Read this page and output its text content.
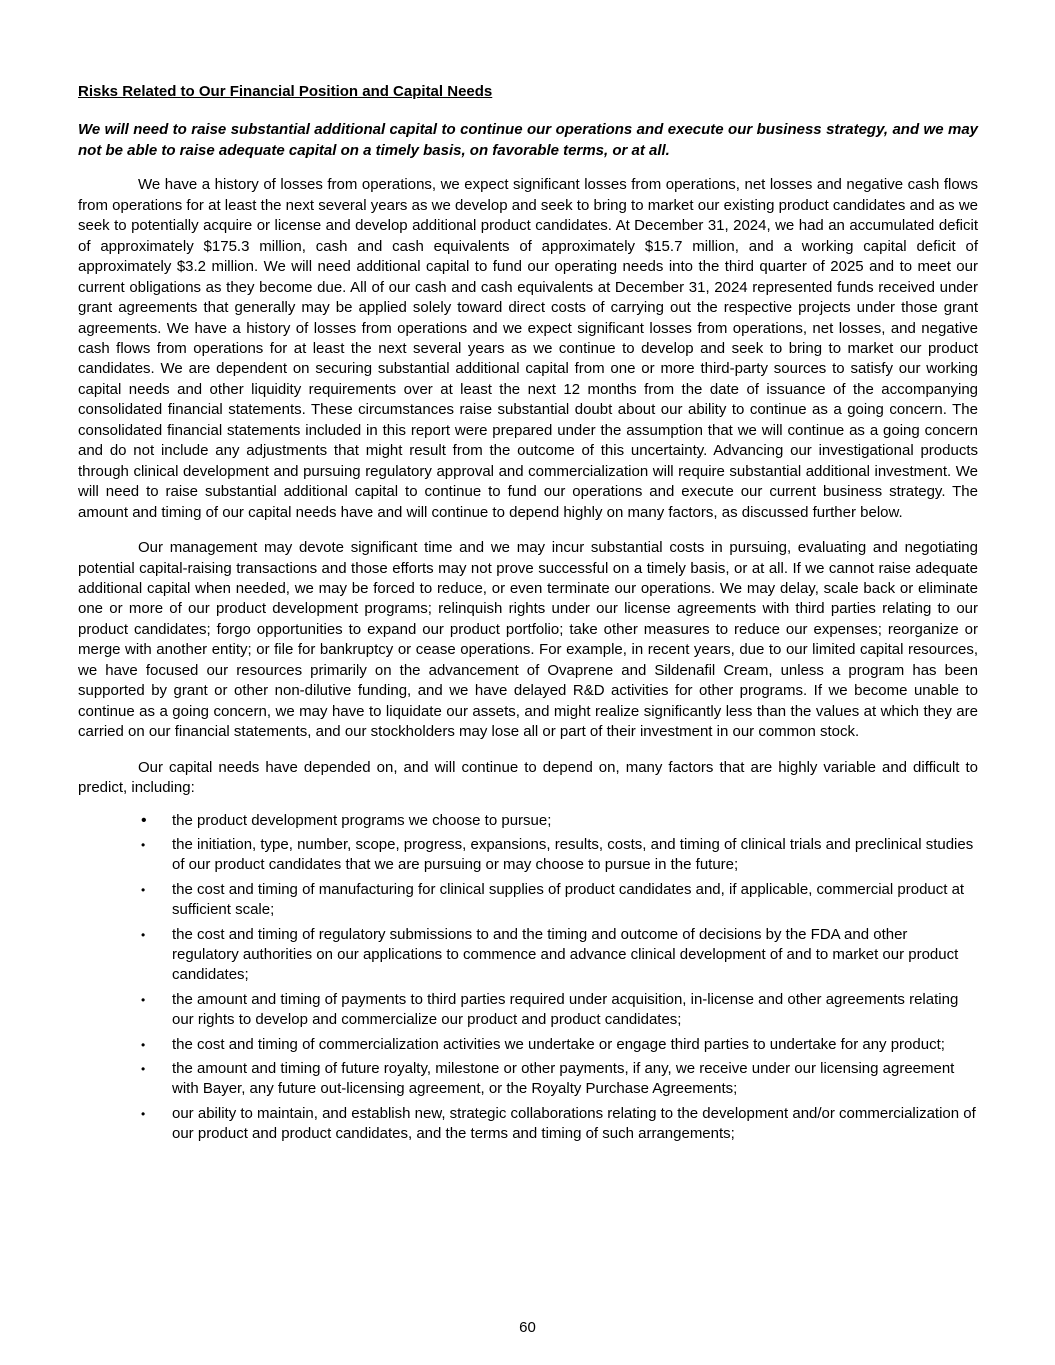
Risks Related to Our Financial Position and Capital Needs

We will need to raise substantial additional capital to continue our operations and execute our business strategy, and we may not be able to raise adequate capital on a timely basis, on favorable terms, or at all.

We have a history of losses from operations, we expect significant losses from operations, net losses and negative cash flows from operations for at least the next several years as we develop and seek to bring to market our existing product candidates and as we seek to potentially acquire or license and develop additional product candidates. At December 31, 2024, we had an accumulated deficit of approximately $175.3 million, cash and cash equivalents of approximately $15.7 million, and a working capital deficit of approximately $3.2 million. We will need additional capital to fund our operating needs into the third quarter of 2025 and to meet our current obligations as they become due. All of our cash and cash equivalents at December 31, 2024 represented funds received under grant agreements that generally may be applied solely toward direct costs of carrying out the respective projects under those grant agreements. We have a history of losses from operations and we expect significant losses from operations, net losses, and negative cash flows from operations for at least the next several years as we continue to develop and seek to bring to market our product candidates. We are dependent on securing substantial additional capital from one or more third-party sources to satisfy our working capital needs and other liquidity requirements over at least the next 12 months from the date of issuance of the accompanying consolidated financial statements. These circumstances raise substantial doubt about our ability to continue as a going concern. The consolidated financial statements included in this report were prepared under the assumption that we will continue as a going concern and do not include any adjustments that might result from the outcome of this uncertainty. Advancing our investigational products through clinical development and pursuing regulatory approval and commercialization will require substantial additional investment. We will need to raise substantial additional capital to continue to fund our operations and execute our current business strategy. The amount and timing of our capital needs have and will continue to depend highly on many factors, as discussed further below.

Our management may devote significant time and we may incur substantial costs in pursuing, evaluating and negotiating potential capital-raising transactions and those efforts may not prove successful on a timely basis, or at all. If we cannot raise adequate additional capital when needed, we may be forced to reduce, or even terminate our operations. We may delay, scale back or eliminate one or more of our product development programs; relinquish rights under our license agreements with third parties relating to our product candidates; forgo opportunities to expand our product portfolio; take other measures to reduce our expenses; reorganize or merge with another entity; or file for bankruptcy or cease operations. For example, in recent years, due to our limited capital resources, we have focused our resources primarily on the advancement of Ovaprene and Sildenafil Cream, unless a program has been supported by grant or other non-dilutive funding, and we have delayed R&D activities for other programs. If we become unable to continue as a going concern, we may have to liquidate our assets, and might realize significantly less than the values at which they are carried on our financial statements, and our stockholders may lose all or part of their investment in our common stock.

Our capital needs have depended on, and will continue to depend on, many factors that are highly variable and difficult to predict, including:

• the product development programs we choose to pursue;
• the initiation, type, number, scope, progress, expansions, results, costs, and timing of clinical trials and preclinical studies of our product candidates that we are pursuing or may choose to pursue in the future;
• the cost and timing of manufacturing for clinical supplies of product candidates and, if applicable, commercial product at sufficient scale;
• the cost and timing of regulatory submissions to and the timing and outcome of decisions by the FDA and other regulatory authorities on our applications to commence and advance clinical development of and to market our product candidates;
• the amount and timing of payments to third parties required under acquisition, in-license and other agreements relating our rights to develop and commercialize our product and product candidates;
• the cost and timing of commercialization activities we undertake or engage third parties to undertake for any product;
• the amount and timing of future royalty, milestone or other payments, if any, we receive under our licensing agreement with Bayer, any future out-licensing agreement, or the Royalty Purchase Agreements;
• our ability to maintain, and establish new, strategic collaborations relating to the development and/or commercialization of our product and product candidates, and the terms and timing of such arrangements;
60
